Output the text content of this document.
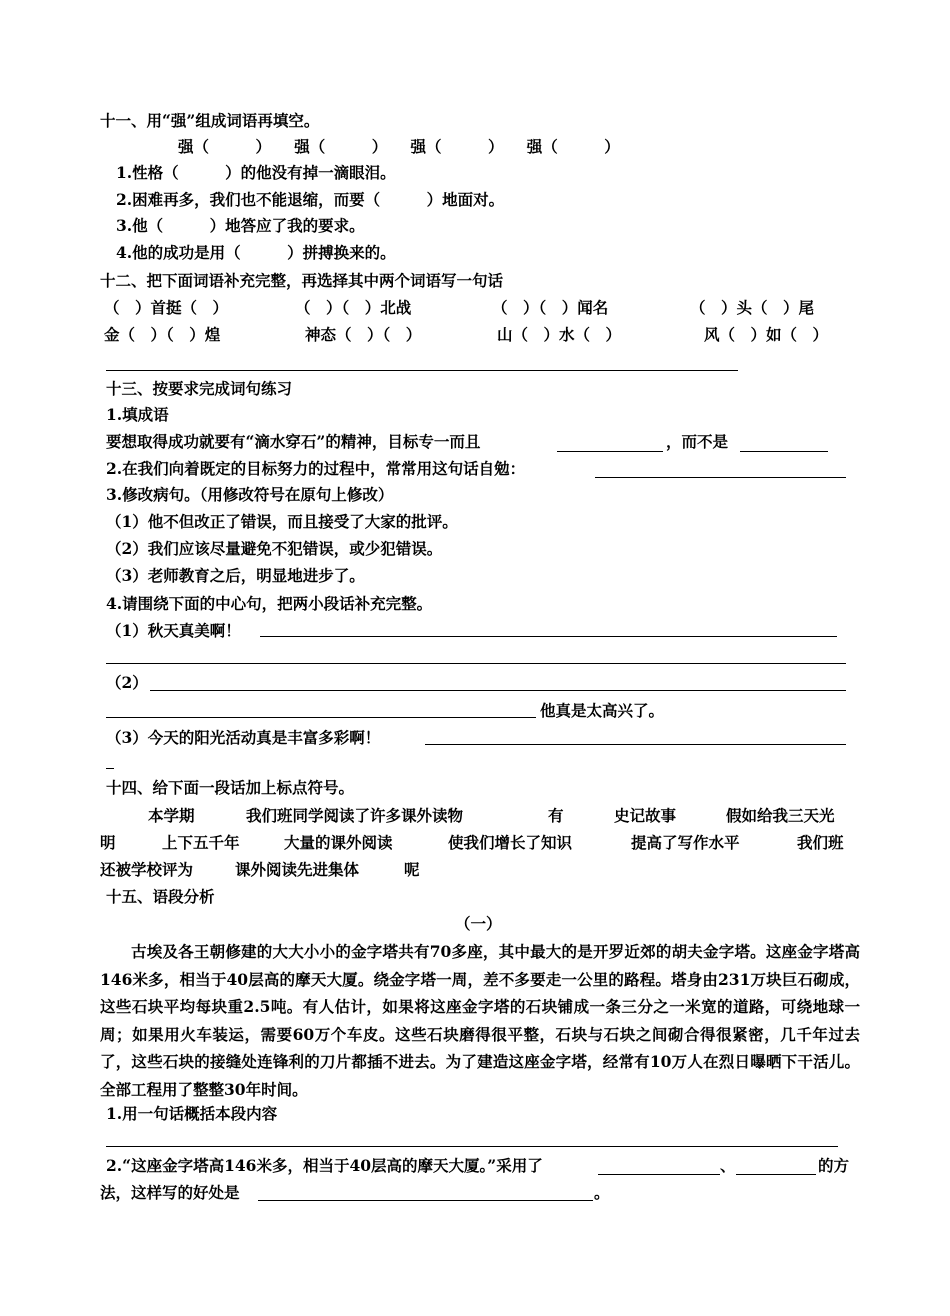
十一、用“强”组成词语再填空。
强（　　　）　　强（　　　）　　强（　　　）　　强（　　　）
1.性格（　　　）的他没有掉一滴眼泪。
2.困难再多，我们也不能退缩，而要（　　　）地面对。
3.他（　　　）地答应了我的要求。
4.他的成功是用（　　　）拼搏换来的。
十二、把下面词语补充完整，再选择其中两个词语写一句话
（　）首挺（　）	（　）（　）北战	（　）（　）闻名	（　）头（　）尾
金（　）（　）煌	神态（　）（　）	山（　）水（　）	风（　）如（　）
十三、按要求完成词句练习
1.填成语
要想取得成功就要有“滴水穿石”的精神，目标专一而且	，而不是
2.在我们向着既定的目标努力的过程中，常常用这句话自勉：
3.修改病句。（用修改符号在原句上修改）
（1）他不但改正了错误，而且接受了大家的批评。
（2）我们应该尽量避免不犯错误，或少犯错误。
（3）老师教育之后，明显地进步了。
4.请围绕下面的中心句，把两小段话补充完整。
（1）秋天真美啊！
（2）
他真是太高兴了。
（3）今天的阳光活动真是丰富多彩啊！
十四、给下面一段话加上标点符号。
本学期	我们班同学阅读了许多课外读物	有	史记故事	假如给我三天光
明	上下五千年	大量的课外阅读	使我们增长了知识	提高了写作水平	我们班
还被学校评为	课外阅读先进集体	呢
十五、语段分析
（一）
古埃及各王朝修建的大大小小的金字塔共有70多座，其中最大的是开罗近郊的胡夫金字塔。这座金字塔高146米多，相当于40层高的摩天大厦。绕金字塔一周，差不多要走一公里的路程。塔身由231万块巨石砌成，这些石块平均每块重2.5吨。有人估计，如果将这座金字塔的石块铺成一条三分之一米宽的道路，可绕地球一周；如果用火车装运，需要60万个车皮。这些石块磨得很平整，石块与石块之间砌合得很紧密，几千年过去了，这些石块的接缝处连锋利的刀片都插不进去。为了建造这座金字塔，经常有10万人在烈日曝晒下干活儿。全部工程用了整整30年时间。
1.用一句话概括本段内容
2.“这座金字塔高146米多，相当于40层高的摩天大厦。”采用了	、	的方
法，这样写的好处是	。
